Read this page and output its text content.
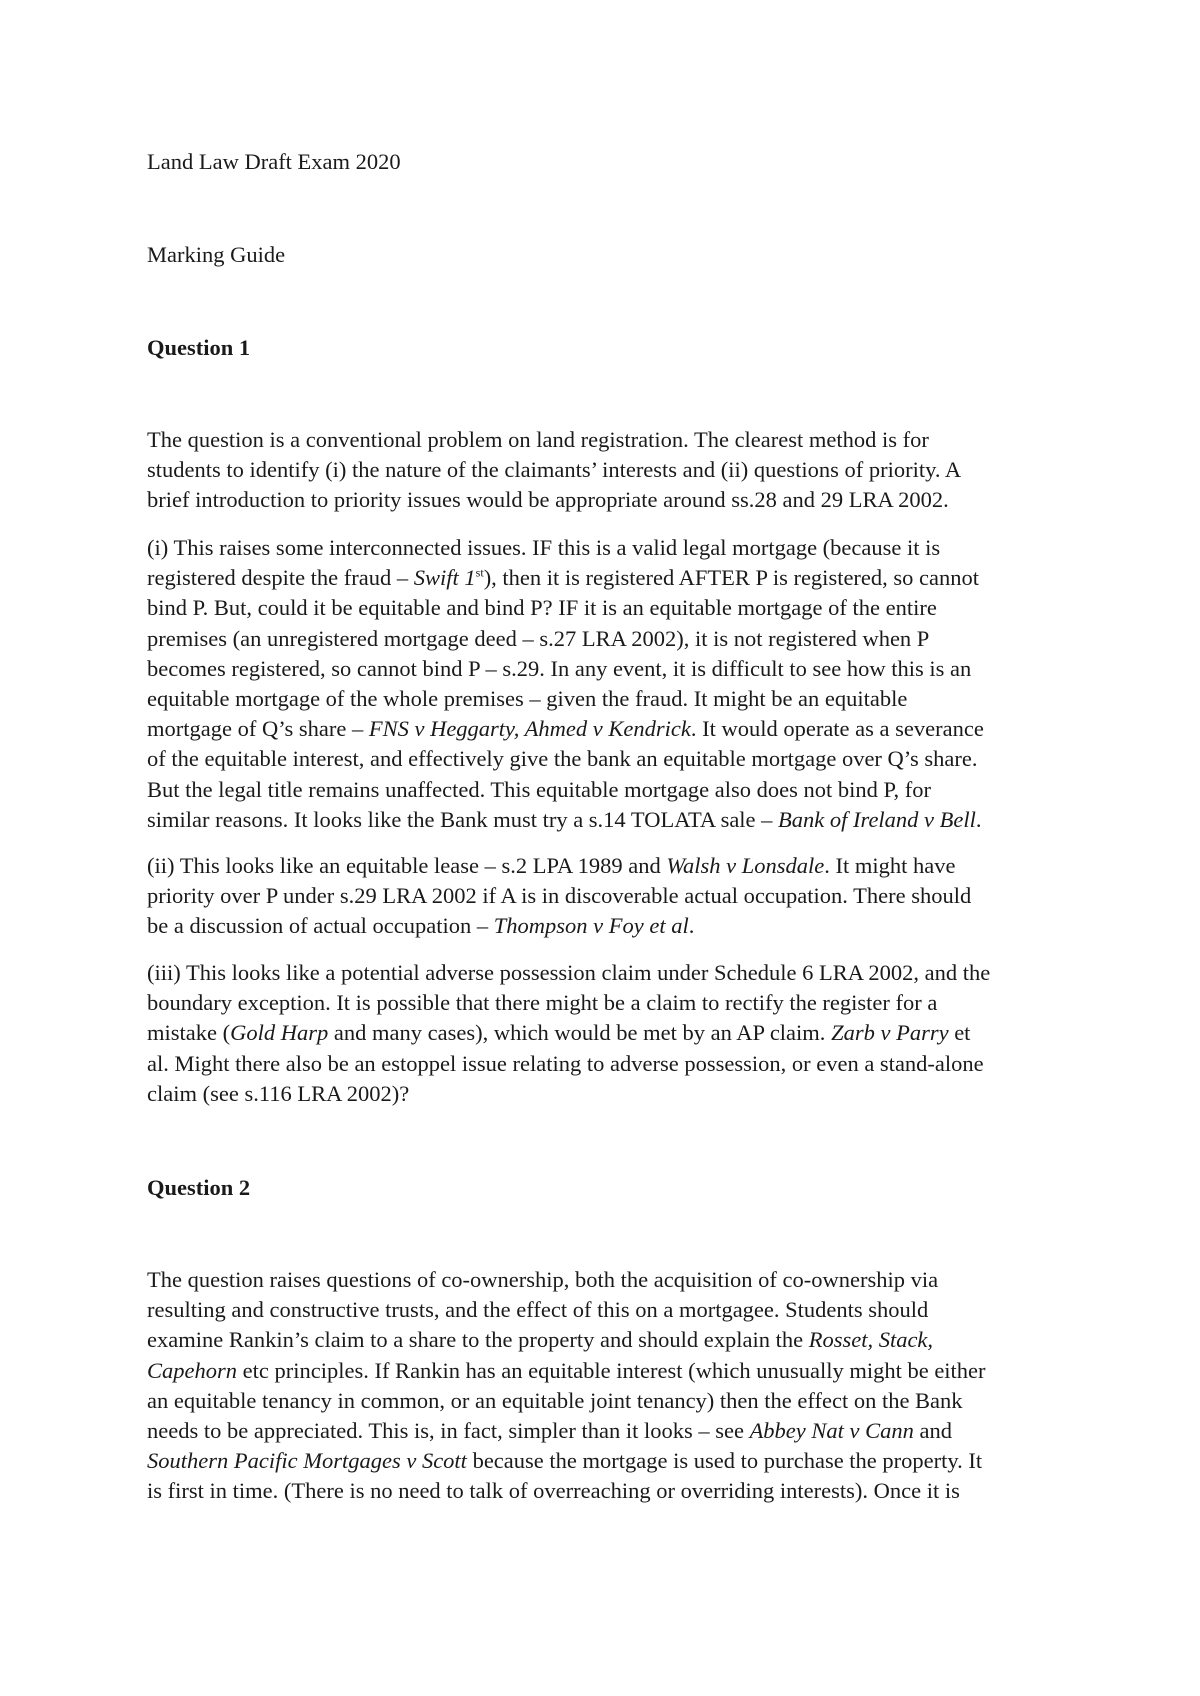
Land Law Draft Exam 2020

Marking Guide

Question 1

The question is a conventional problem on land registration. The clearest method is for
students to identify (i) the nature of the claimants’ interests and (ii) questions of priority. A
brief introduction to priority issues would be appropriate around ss.28 and 29 LRA 2002.
(i) This raises some interconnected issues. IF this is a valid legal mortgage (because it is
registered despite the fraud – Swift 1st), then it is registered AFTER P is registered, so cannot
bind P. But, could it be equitable and bind P? IF it is an equitable mortgage of the entire
premises (an unregistered mortgage deed – s.27 LRA 2002), it is not registered when P
becomes registered, so cannot bind P – s.29. In any event, it is difficult to see how this is an
equitable mortgage of the whole premises – given the fraud. It might be an equitable
mortgage of Q’s share – FNS v Heggarty, Ahmed v Kendrick. It would operate as a severance
of the equitable interest, and effectively give the bank an equitable mortgage over Q’s share.
But the legal title remains unaffected. This equitable mortgage also does not bind P, for
similar reasons. It looks like the Bank must try a s.14 TOLATA sale – Bank of Ireland v Bell.
(ii) This looks like an equitable lease – s.2 LPA 1989 and Walsh v Lonsdale. It might have
priority over P under s.29 LRA 2002 if A is in discoverable actual occupation. There should
be a discussion of actual occupation – Thompson v Foy et al.
(iii) This looks like a potential adverse possession claim under Schedule 6 LRA 2002, and the
boundary exception. It is possible that there might be a claim to rectify the register for a
mistake (Gold Harp and many cases), which would be met by an AP claim. Zarb v Parry et
al. Might there also be an estoppel issue relating to adverse possession, or even a stand-alone
claim (see s.116 LRA 2002)?

Question 2

The question raises questions of co-ownership, both the acquisition of co-ownership via
resulting and constructive trusts, and the effect of this on a mortgagee. Students should
examine Rankin’s claim to a share to the property and should explain the Rosset, Stack,
Capehorn etc principles. If Rankin has an equitable interest (which unusually might be either
an equitable tenancy in common, or an equitable joint tenancy) then the effect on the Bank
needs to be appreciated. This is, in fact, simpler than it looks – see Abbey Nat v Cann and
Southern Pacific Mortgages v Scott because the mortgage is used to purchase the property. It
is first in time. (There is no need to talk of overreaching or overriding interests). Once it is
